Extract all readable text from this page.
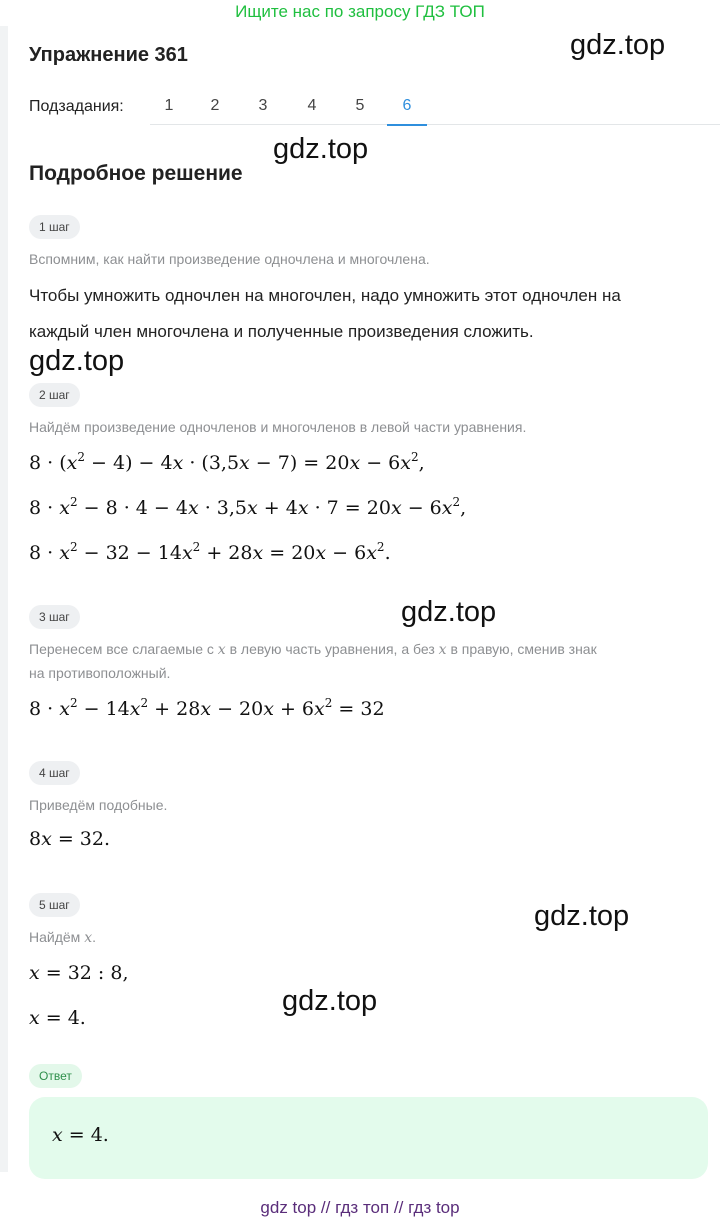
Ищите нас по запросу ГДЗ ТОП
Упражнение 361
Подзадания:	1	2	3	4	5	6
Подробное решение
1 шаг
Вспомним, как найти произведение одночлена и многочлена.
Чтобы умножить одночлен на многочлен, надо умножить этот одночлен на
каждый член многочлена и полученные произведения сложить.
2 шаг
Найдём произведение одночленов и многочленов в левой части уравнения.
$8 \cdot (x^2 - 4) - 4x \cdot (3,5x - 7) = 20x - 6x^2$,
$8 \cdot x^2 - 8 \cdot 4 - 4x \cdot 3,5x + 4x \cdot 7 = 20x - 6x^2$,
$8 \cdot x^2 - 32 - 14x^2 + 28x = 20x - 6x^2$.
3 шаг
Перенесем все слагаемые с x в левую часть уравнения, а без x в правую, сменив знак
на противоположный.
$8 \cdot x^2 - 14x^2 + 28x - 20x + 6x^2 = 32$
4 шаг
Приведём подобные.
8x = 32.
5 шаг
Найдём x.
x = 32 : 8,
x = 4.
Ответ
x = 4.
gdz.top
gdz.top
gdz.top
gdz.top
gdz.top
gdz.top
gdz top // гдз топ // гдз top
